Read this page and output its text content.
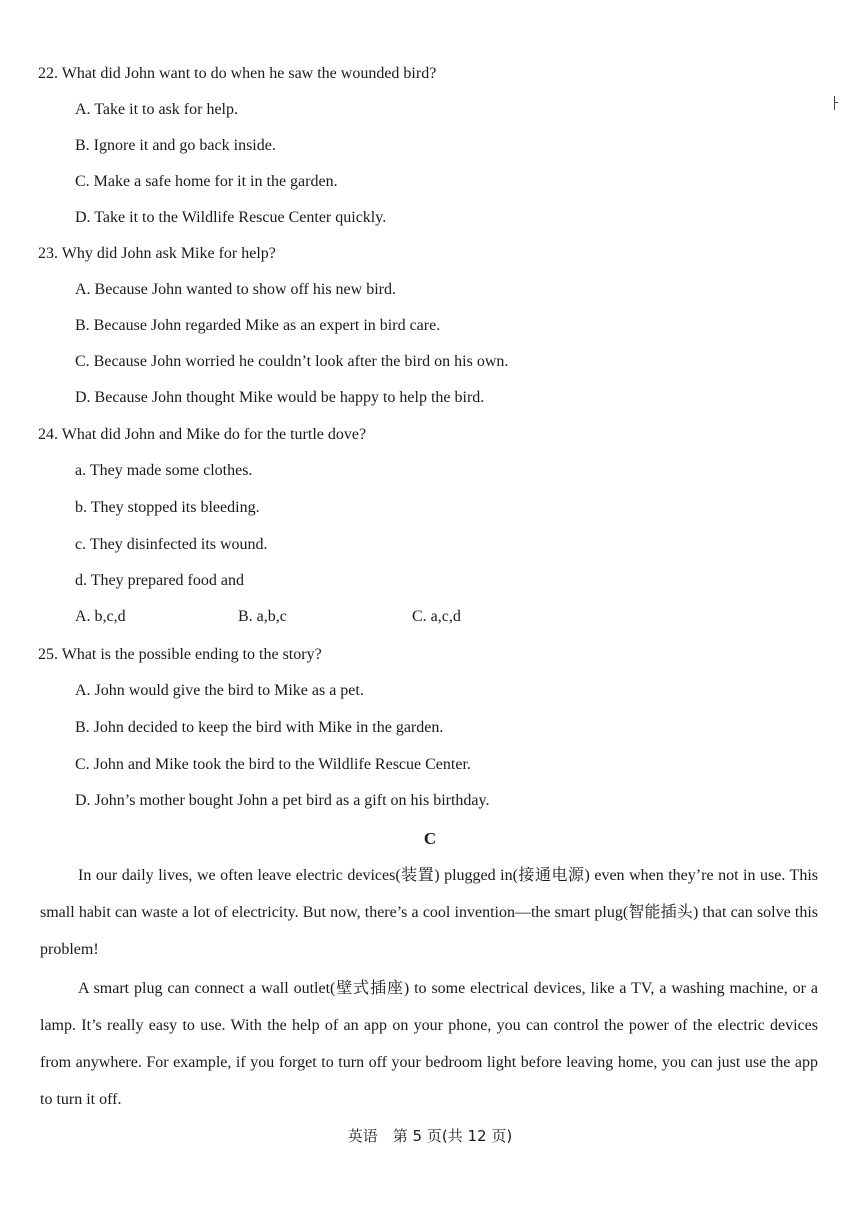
22. What did John want to do when he saw the wounded bird?
A. Take it to ask for help.
B. Ignore it and go back inside.
C. Make a safe home for it in the garden.
D. Take it to the Wildlife Rescue Center quickly.
23. Why did John ask Mike for help?
A. Because John wanted to show off his new bird.
B. Because John regarded Mike as an expert in bird care.
C. Because John worried he couldn’t look after the bird on his own.
D. Because John thought Mike would be happy to help the bird.
24. What did John and Mike do for the turtle dove?
a. They made some clothes.
b. They stopped its bleeding.
c. They disinfected its wound.
d. They prepared food and
A. b,c,d	B. a,b,c	C. a,c,d
25. What is the possible ending to the story?
A. John would give the bird to Mike as a pet.
B. John decided to keep the bird with Mike in the garden.
C. John and Mike took the bird to the Wildlife Rescue Center.
D. John’s mother bought John a pet bird as a gift on his birthday.
C
In our daily lives, we often leave electric devices(装置) plugged in(接通电源) even when they’re not in use. This small habit can waste a lot of electricity. But now, there’s a cool invention—the smart plug(智能插头) that can solve this problem!
A smart plug can connect a wall outlet(壁式插座) to some electrical devices, like a TV, a washing machine, or a lamp. It’s really easy to use. With the help of an app on your phone, you can control the power of the electric devices from anywhere. For example, if you forget to turn off your bedroom light before leaving home, you can just use the app to turn it off.
英语　第 5 页(共 12 页)
